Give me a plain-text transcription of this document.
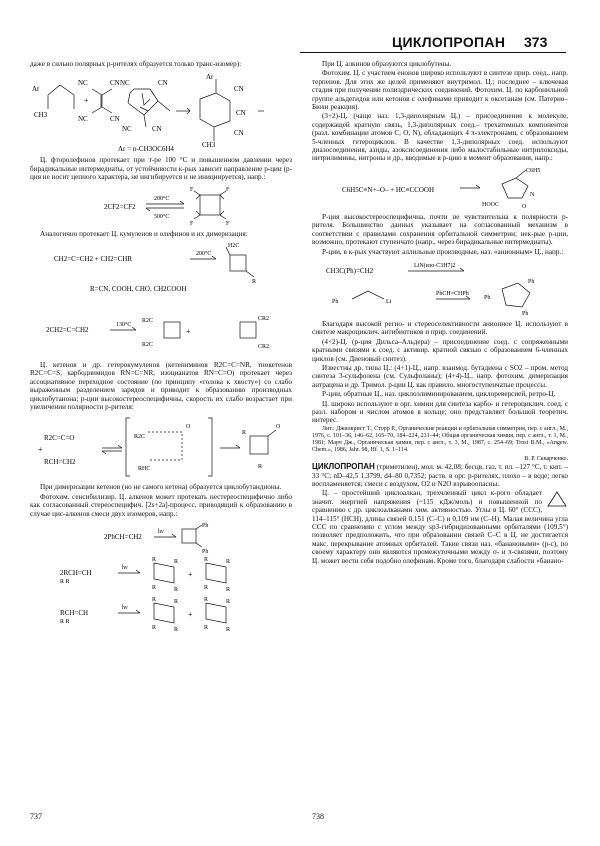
ЦИКЛОПРОПАН 373

даже в сильно полярных р-рителях образуется только транс-изомер):

Ar
CH3
NC	CN
NC	CN
+
NC	CN
CN
NC
Ar
CN
CN
CN
CH3
Ar = п-CH3OC6H4

Ц. фторолефинов протекает при т-ре 100 °С и повышенном давлении через бирадикальные интермедиаты, от устойчивости к-рых зависит направление р-ции (р-ция не носит цепного характера, не ингибируется и не инициируется), напр.:

2CF2=CF2
200°C
500°C
F	F
F	F

Аналогично протекает Ц. кумуленов и олефинов и их димеризация:

CH2=C=CH2 + CH2=CHR
200°C
H2C
R
R=CN, COOH, CHO, CH2COOH
2CH2=C=CH2
130°C
R2C
R2C
+
CR2
CR2

Ц. кетенов и др. гетерокумуленов (кетениминов R2C=C=NR, тиокетенов R2C=C=S, карбодиимидов RN=C=NR, изоцианатов RN=C=O) протекает через ассоциативное переходное состояние (по принципу «голова к хвосту») со слабо выраженным разделением зарядов и приводит к образованию производных циклобутанона; р-ции высокостереоспецифичны, скорость их слабо возрастает при увеличении полярности р-рителя:

R2C=C=O
+
RCH=CH2
O
R2C
O
RHC	R
R

При димеризации кетенов (но не самого кетена) образуется циклобутандионы.

Фотохим. сенсибилизир. Ц. алкенов может протекать нестереоспецифично либо как согласованный стереоспецифич. [2s+2a]-процесс, приводящий к образованию в случае цис-алкенов смеси двух изомеров, напр.:

2PhCH=CH2
hν
Ph
Ph
2RCH=CH
R R
hν
+
R	R
R	R
R	R
R	R
RCH=CH
R R
hν
+
R	R
R	R
R	R
R	R

При Ц. алкинов образуются циклобутены.

Фотохим. Ц. с участием енонов широко используют в синтезе прир. соед., напр. терпенов. Для этих же целей применяют внутримол. Ц.; последнее – ключевая стадия при получении полиэдрических соединений. Фотохим. Ц. по карбонильной группе альдегидов или кетонов с олефинами приводит к оксетанам (см. Патерно–Бюхи реакция).

(3+2)-Ц. (чаще наз. 1,3-диполярным Ц.) – присоединение к молекуле, содержащей кратную связь, 1,3-диполярных соед.– трехатомных компонентов (разл. комбинации атомов С, О, N), обладающих 4 π-электронами, с образованием 5-членных гетероциклов. В качестве 1,3-диполярных соед. используют диазосоединения, азиды, азоксисоединения либо малостабильные нитрилоксиды, нитрилимины, нитроны и др., вводимые в р-цию в момент образования, напр.:

C6H5C≡N+–O– + HC≡CCOOH
C6H5
HOOC	O
N

Р-ция высокостереоспецифична, почти не чувствительна к полярности р-рителя. Большинство данных указывает на согласованный механизм в соответствии с правилами сохранения орбитальной симметрии; нек-рые р-ции, возможно, протекают ступенчато (напр., через бирадикальные интермедиаты).

Р-ции, в к-рых участвуют аллильные производные, наз. «анионным» Ц., напр.:

CH3C(Ph)=CH2
LiN(изо-C3H7)2
Ph	Li
PhCH=CHPh
Ph
Ph
Ph

Благодаря высокой регио- и стереоселективности анионное Ц. используют в синтезе макроциклич. антибиотиков и прир. соединений.

(4+2)-Ц. (р-ция Дильса–Альдера) – присоединение соед. с сопряженными кратными связями к соед. с активир. кратной связью с образованием 6-членных циклов (см. Диеновый синтез).

Известны др. типы Ц.: (4+1)-Ц., напр. взаимод. бутадиена с SO2 – пром. метод синтеза 3-сульфолена (см. Сульфоланы); (4+4)-Ц., напр. фотохим. димеризация антрацена и др. Тримол. р-ции Ц. как правило, многоступенчатые процессы.

Р-ции, обратные Ц., наз. циклоэлиминированием, циклореверсией, ретро-Ц.

Ц. широко используют в орг. химии для синтеза карбо- и гетероциклич. соед. с разл. набором и числом атомов в кольце; оно представляет большой теоретич. интерес.

Лит.: Джилкрист Т., Сторр Р., Органические реакции и орбитальная симметрия, пер. с англ., М., 1976, с. 101–36, 146–62, 165–70, 184–224, 231–44; Общая органическая химия, пер. с англ., т. 1, М., 1981; Марч Дж., Органическая химия, пер. с англ., т. 3, М., 1987, с. 254–69; Trost B.M., «Angew. Chem.», 1986, Jahr. 98, Hf. 1, S. 1–114.

В. Р. Скварченко.

ЦИКЛОПРОПАН (триметилен), мол. м. 42,08; бесцв. газ, т. пл. –127 °С, т. кип. –33 °С; nD–42,5 1,3799, d4–80 0,7352; раств. в орг. р-рителях, плохо – в воде; легко воспламеняется; смеси с воздухом, O2 и N2O взрывоопасны.

Ц. – простейший циклоалкан, трехчленный цикл к-рого обладает значит. энергией напряжения (~115 кДж/моль) и повышенной по сравнению с др. циклоалканами хим. активностью. Углы в Ц. 60° (CCC), 114–115° (HCH), длины связей 0,151 (C–C) и 0,109 нм (C–H). Малая величина угла CCC по сравнению с углом между sp3-гибридизованными орбиталями (109,5°) позволяет предположить, что при образовании связей C–C в Ц. не достигается макс. перекрывание атомных орбиталей. Такие связи наз. «банановыми» (р-с), по своему характеру они являются промежуточными между σ- и π-связями, поэтому Ц. может вести себя подобно олефинам. Кроме того, благодаря слабости «банано-

737	738
